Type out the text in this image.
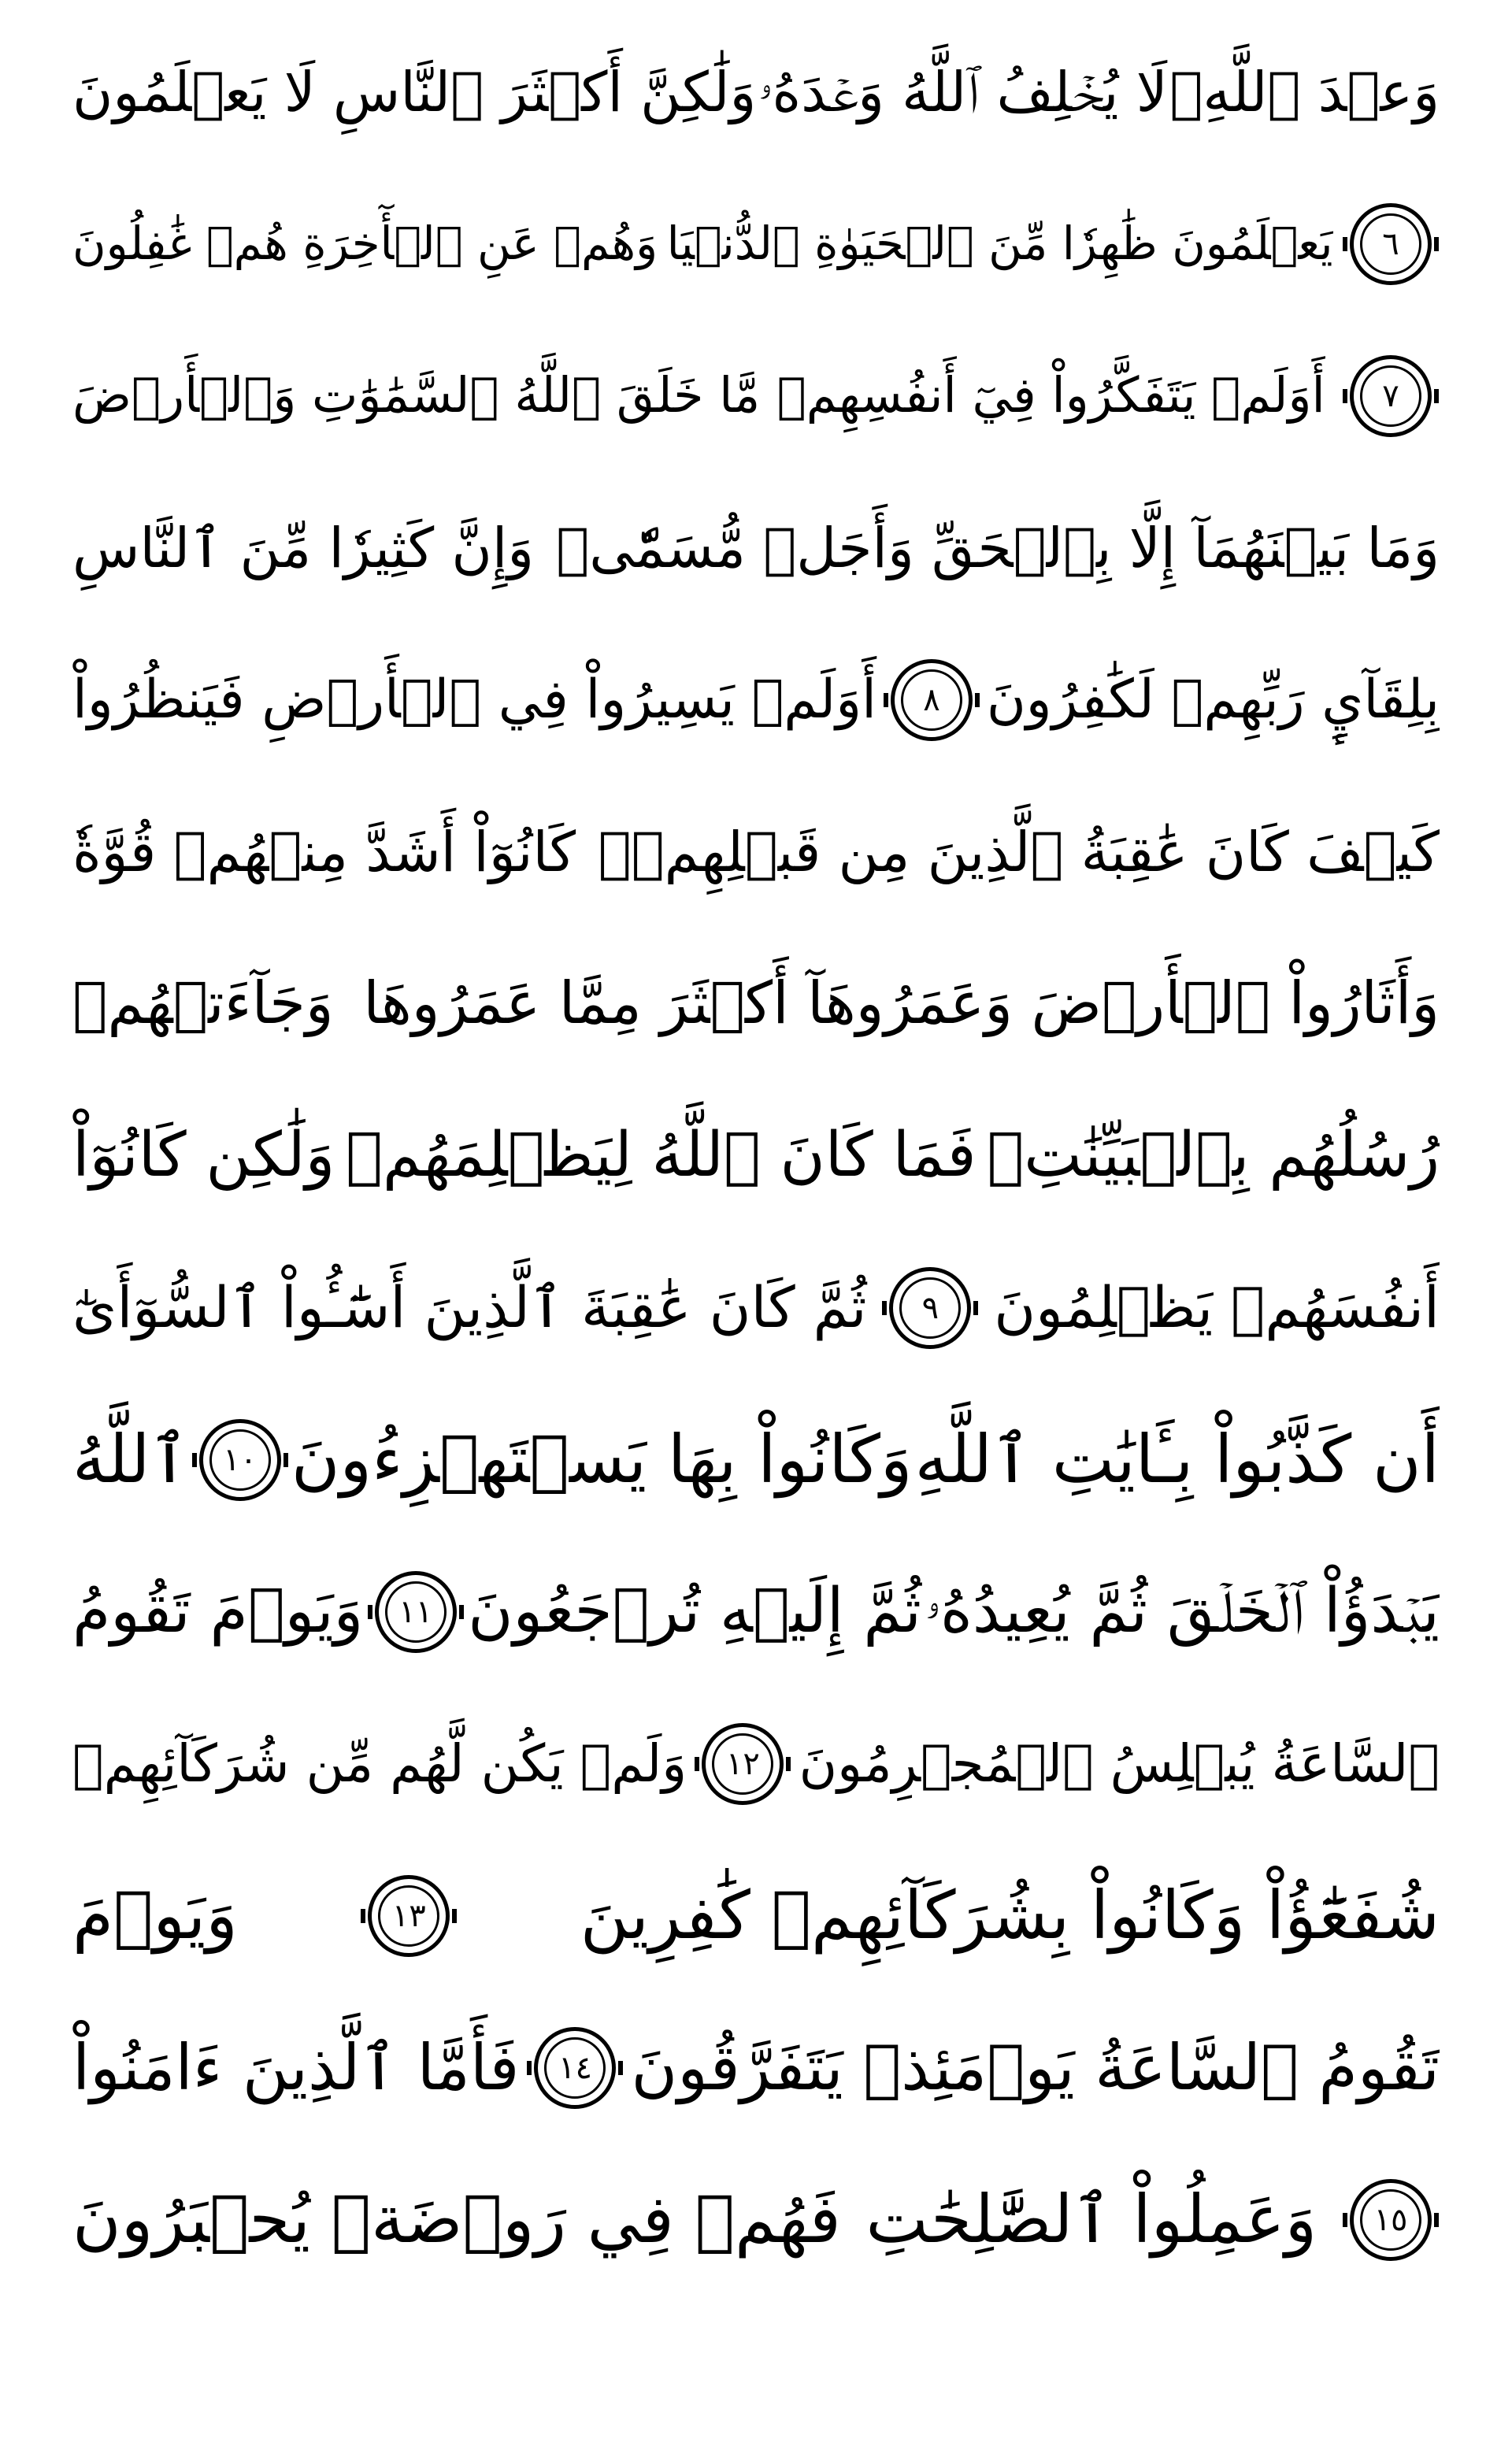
وَعۡدَ ٱللَّهِۖ
لَا يُخۡلِفُ ٱللَّهُ وَعۡدَهُۥ
وَلَٰكِنَّ أَكۡثَرَ ٱلنَّاسِ لَا يَعۡلَمُونَ
٦
يَعۡلَمُونَ ظَٰهِرٗا مِّنَ ٱلۡحَيَوٰةِ ٱلدُّنۡيَا
وَهُمۡ عَنِ ٱلۡأٓخِرَةِ هُمۡ غَٰفِلُونَ
٧
أَوَلَمۡ يَتَفَكَّرُواْ فِيٓ أَنفُسِهِمۗ
مَّا خَلَقَ ٱللَّهُ ٱلسَّمَٰوَٰتِ وَٱلۡأَرۡضَ
وَمَا بَيۡنَهُمَآ إِلَّا بِٱلۡحَقِّ وَأَجَلٖ مُّسَمّٗىۗ
وَإِنَّ كَثِيرٗا مِّنَ ٱلنَّاسِ
بِلِقَآيِٕ رَبِّهِمۡ لَكَٰفِرُونَ
٨
أَوَلَمۡ يَسِيرُواْ فِي ٱلۡأَرۡضِ فَيَنظُرُواْ
كَيۡفَ كَانَ عَٰقِبَةُ ٱلَّذِينَ مِن قَبۡلِهِمۡۚ
كَانُوٓاْ أَشَدَّ مِنۡهُمۡ قُوَّةٗ
وَأَثَارُواْ ٱلۡأَرۡضَ وَعَمَرُوهَآ أَكۡثَرَ مِمَّا عَمَرُوهَا
وَجَآءَتۡهُمۡ
رُسُلُهُم بِٱلۡبَيِّنَٰتِۖ
فَمَا كَانَ ٱللَّهُ لِيَظۡلِمَهُمۡ
وَلَٰكِن كَانُوٓاْ
أَنفُسَهُمۡ يَظۡلِمُونَ
٩
ثُمَّ كَانَ عَٰقِبَةَ ٱلَّذِينَ أَسَٰٓـُٔواْ ٱلسُّوٓأَىٰٓ
أَن كَذَّبُواْ بِـَٔايَٰتِ ٱللَّهِ
وَكَانُواْ بِهَا يَسۡتَهۡزِءُونَ
١٠
ٱللَّهُ
يَبۡدَؤُاْ ٱلۡخَلۡقَ ثُمَّ يُعِيدُهُۥ
ثُمَّ إِلَيۡهِ تُرۡجَعُونَ
١١
وَيَوۡمَ تَقُومُ
ٱلسَّاعَةُ يُبۡلِسُ ٱلۡمُجۡرِمُونَ
١٢
وَلَمۡ يَكُن لَّهُم مِّن شُرَكَآئِهِمۡ
شُفَعَٰٓؤُاْ وَكَانُواْ بِشُرَكَآئِهِمۡ كَٰفِرِينَ
١٣
وَيَوۡمَ
تَقُومُ ٱلسَّاعَةُ يَوۡمَئِذٖ يَتَفَرَّقُونَ
١٤
فَأَمَّا ٱلَّذِينَ ءَامَنُواْ
١٥
وَعَمِلُواْ ٱلصَّٰلِحَٰتِ
فَهُمۡ فِي رَوۡضَةٖ يُحۡبَرُونَ
